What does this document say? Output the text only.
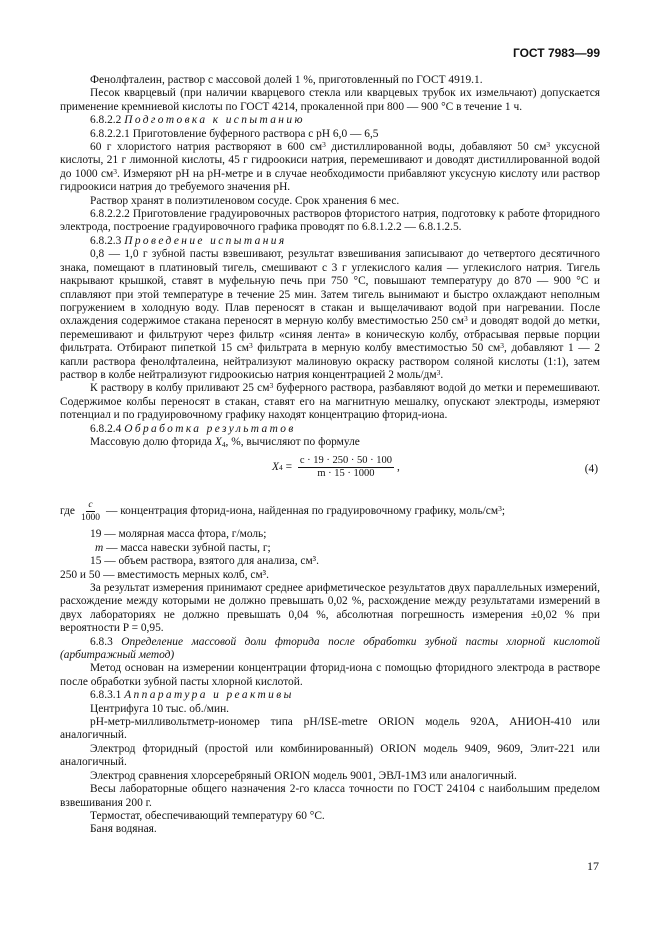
ГОСТ 7983—99

Фенолфталеин, раствор с массовой долей 1 %, приготовленный по ГОСТ 4919.1.

Песок кварцевый (при наличии кварцевого стекла или кварцевых трубок их измельчают) допускается применение кремниевой кислоты по ГОСТ 4214, прокаленной при 800 — 900 °С в течение 1 ч.

6.8.2.2 Подготовка к испытанию

6.8.2.2.1 Приготовление буферного раствора с pH 6,0 — 6,5

60 г хлористого натрия растворяют в 600 $см^3$ дистиллированной воды, добавляют 50 $см^3$ уксусной кислоты, 21 г лимонной кислоты, 45 г гидроокиси натрия, перемешивают и доводят дистиллированной водой до 1000 $см^3$. Измеряют pH на pH-метре и в случае необходимости прибавляют уксусную кислоту или раствор гидроокиси натрия до требуемого значения pH.

Раствор хранят в полиэтиленовом сосуде. Срок хранения 6 мес.

6.8.2.2.2 Приготовление градуировочных растворов фтористого натрия, подготовку к работе фторидного электрода, построение градуировочного графика проводят по 6.8.1.2.2 — 6.8.1.2.5.

6.8.2.3 Проведение испытания

0,8 — 1,0 г зубной пасты взвешивают, результат взвешивания записывают до четвертого десятичного знака, помещают в платиновый тигель, смешивают с 3 г углекислого калия — углекислого натрия. Тигель накрывают крышкой, ставят в муфельную печь при 750 °С, повышают температуру до 870 — 900 °С и сплавляют при этой температуре в течение 25 мин. Затем тигель вынимают и быстро охлаждают неполным погружением в холодную воду. Плав переносят в стакан и выщелачивают водой при нагревании. После охлаждения содержимое стакана переносят в мерную колбу вместимостью 250 $см^3$ и доводят водой до метки, перемешивают и фильтруют через фильтр «синяя лента» в коническую колбу, отбрасывая первые порции фильтрата. Отбирают пипеткой 15 $см^3$ фильтрата в мерную колбу вместимостью 50 $см^3$, добавляют 1 — 2 капли раствора фенолфталеина, нейтрализуют малиновую окраску раствором соляной кислоты (1:1), затем раствор в колбе нейтрализуют гидроокисью натрия концентрацией 2 моль/$дм^3$.

К раствору в колбу приливают 25 $см^3$ буферного раствора, разбавляют водой до метки и перемешивают. Содержимое колбы переносят в стакан, ставят его на магнитную мешалку, опускают электроды, измеряют потенциал и по градуировочному графику находят концентрацию фторид-иона.

6.8.2.4 Обработка результатов

Массовую долю фторида $X_4$, %, вычисляют по формуле

X $4 = \frac{c \cdot 19 \cdot 250 \cdot 50 \cdot 100}{m \cdot 15 \cdot 1000}$ ,	(4)
где $\frac{c}{1000}$ — концентрация фторид-иона, найденная по градуировочному графику, моль/$см^3$;
19 — молярная масса фтора, г/моль;
m — масса навески зубной пасты, г;
15 — объем раствора, взятого для анализа, см³.

250 и 50 — вместимость мерных колб, см³.

За результат измерения принимают среднее арифметическое результатов двух параллельных измерений, расхождение между которыми не должно превышать 0,02 %, расхождение между результатами измерений в двух лабораториях не должно превышать 0,04 %, абсолютная погрешность измерения ±0,02 % при вероятности P = 0,95.

6.8.3 Определение массовой доли фторида после обработки зубной пасты хлорной кислотой (арбитражный метод)

Метод основан на измерении концентрации фторид-иона с помощью фторидного электрода в растворе после обработки зубной пасты хлорной кислотой.

6.8.3.1 Аппаратура и реактивы

Центрифуга 10 тыс. об./мин.

pH-метр-милливольтметр-иономер типа pH/ISE-metre ORION модель 920А, АНИОН-410 или аналогичный.

Электрод фторидный (простой или комбинированный) ORION модель 9409, 9609, Элит-221 или аналогичный.

Электрод сравнения хлорсеребряный ORION модель 9001, ЭВЛ-1М3 или аналогичный.

Весы лабораторные общего назначения 2-го класса точности по ГОСТ 24104 с наибольшим пределом взвешивания 200 г.

Термостат, обеспечивающий температуру 60 °С.

Баня водяная.

17
